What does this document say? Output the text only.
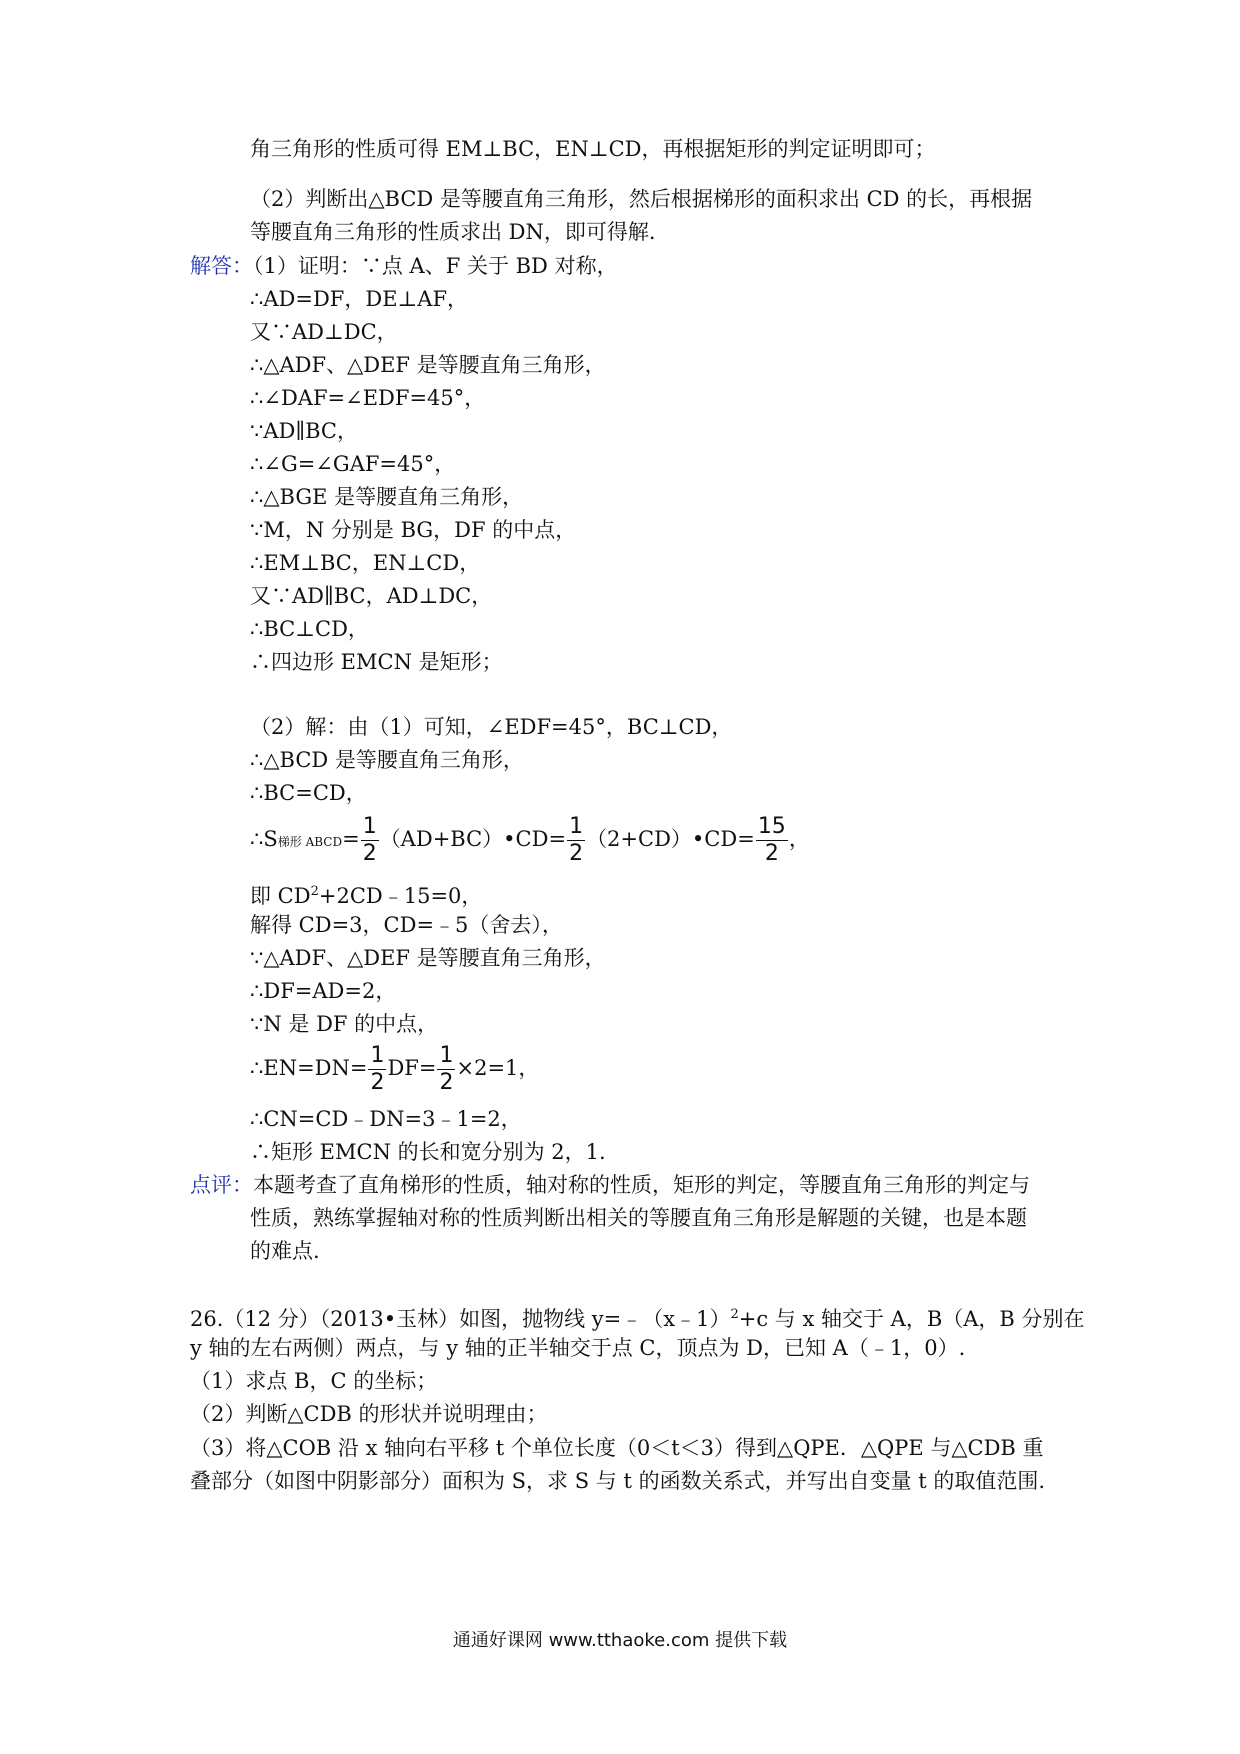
角三角形的性质可得 EM⊥BC，EN⊥CD，再根据矩形的判定证明即可；
（2）判断出△BCD 是等腰直角三角形，然后根据梯形的面积求出 CD 的长，再根据
等腰直角三角形的性质求出 DN，即可得解.
解答：（1）证明：∵点 A、F 关于 BD 对称，
∴AD=DF，DE⊥AF，
又∵AD⊥DC，
∴△ADF、△DEF 是等腰直角三角形，
∴∠DAF=∠EDF=45°，
∵AD∥BC，
∴∠G=∠GAF=45°，
∴△BGE 是等腰直角三角形，
∵M，N 分别是 BG，DF 的中点，
∴EM⊥BC，EN⊥CD，
又∵AD∥BC，AD⊥DC，
∴BC⊥CD，
∴四边形 EMCN 是矩形；
（2）解：由（1）可知，∠EDF=45°，BC⊥CD，
∴△BCD 是等腰直角三角形，
∴BC=CD，
∴S梯形 ABCD= $\frac{1}{2}$ （AD+BC）•CD= $\frac{1}{2}$ （2+CD）•CD= $\frac{15}{2}$ ，
即 $CD^2+2CD﹣15=0$，
解得 CD=3，CD=﹣5（舍去），
∵△ADF、△DEF 是等腰直角三角形，
∴DF=AD=2，
∵N 是 DF 的中点，
∴EN=DN= $\frac{1}{2} DF= \frac{1}{2} \times 2=1$，
∴CN=CD﹣DN=3﹣1=2，
∴矩形 EMCN 的长和宽分别为 2，1.
点评：本题考查了直角梯形的性质，轴对称的性质，矩形的判定，等腰直角三角形的判定与
性质，熟练掌握轴对称的性质判断出相关的等腰直角三角形是解题的关键，也是本题
的难点.
26.（12 分）（2013•玉林）如图，抛物线 y=﹣（x﹣1）$^2$+c 与 x 轴交于 A，B（A，B 分别在
y 轴的左右两侧）两点，与 y 轴的正半轴交于点 C，顶点为 D，已知 A（﹣1，0）.
（1）求点 B，C 的坐标；
（2）判断△CDB 的形状并说明理由；
（3）将△COB 沿 x 轴向右平移 t 个单位长度（0＜t＜3）得到△QPE．△QPE 与△CDB 重
叠部分（如图中阴影部分）面积为 S，求 S 与 t 的函数关系式，并写出自变量 t 的取值范围.
通通好课网 www.tthaoke.com 提供下载
